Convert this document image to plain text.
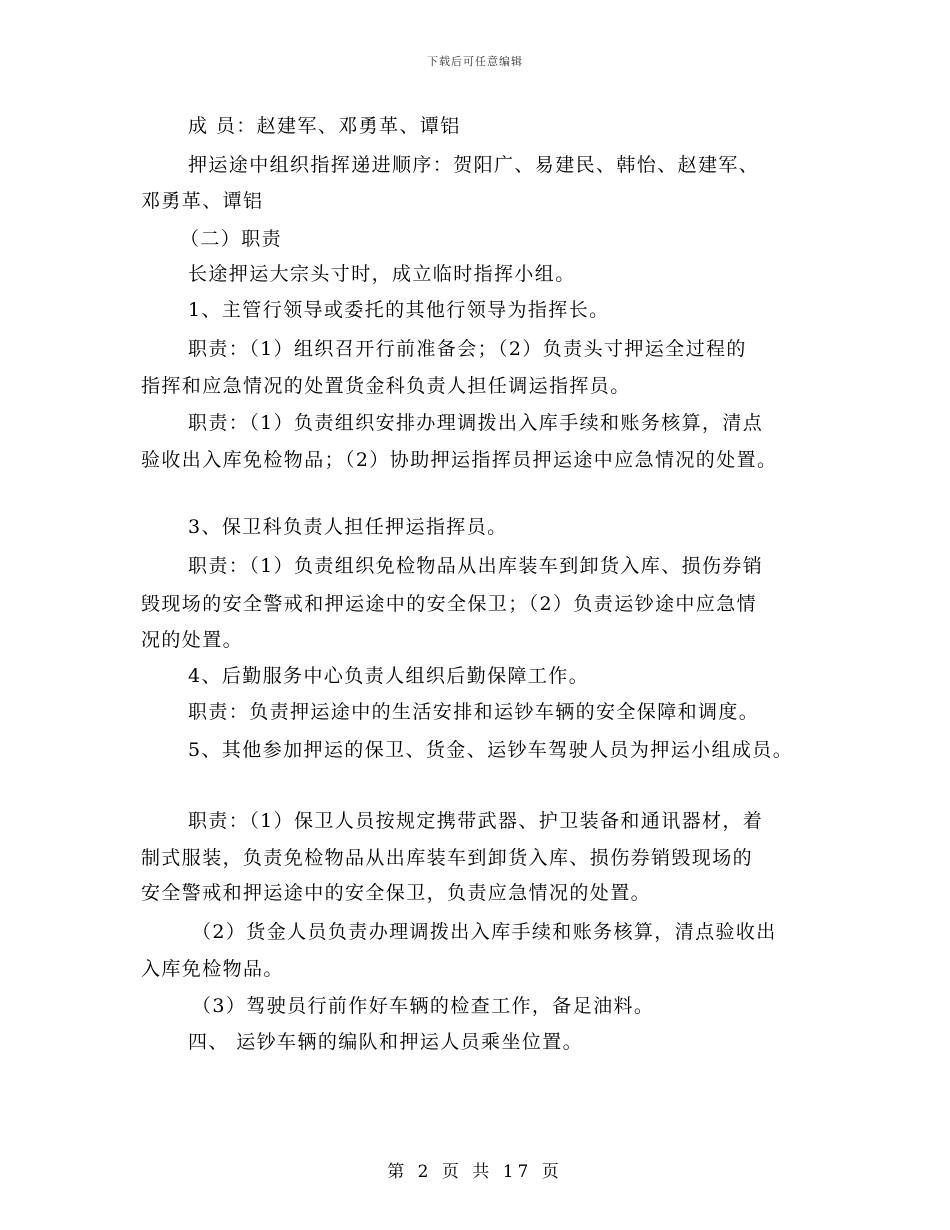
下载后可任意编辑
成 员：赵建军、邓勇革、谭铝
押运途中组织指挥递进顺序：贺阳广、易建民、韩怡、赵建军、
邓勇革、谭铝
（二）职责
长途押运大宗头寸时，成立临时指挥小组。
1、主管行领导或委托的其他行领导为指挥长。
职责：（1）组织召开行前准备会；（2）负责头寸押运全过程的
指挥和应急情况的处置货金科负责人担任调运指挥员。
职责：（1）负责组织安排办理调拨出入库手续和账务核算，清点
验收出入库免检物品；（2）协助押运指挥员押运途中应急情况的处置。
3、保卫科负责人担任押运指挥员。
职责：（1）负责组织免检物品从出库装车到卸货入库、损伤券销
毁现场的安全警戒和押运途中的安全保卫；（2）负责运钞途中应急情
况的处置。
4、后勤服务中心负责人组织后勤保障工作。
职责：负责押运途中的生活安排和运钞车辆的安全保障和调度。
5、其他参加押运的保卫、货金、运钞车驾驶人员为押运小组成员。
职责：（1）保卫人员按规定携带武器、护卫装备和通讯器材，着
制式服装，负责免检物品从出库装车到卸货入库、损伤券销毁现场的
安全警戒和押运途中的安全保卫，负责应急情况的处置。
（2）货金人员负责办理调拨出入库手续和账务核算，清点验收出
入库免检物品。
（3）驾驶员行前作好车辆的检查工作，备足油料。
四、 运钞车辆的编队和押运人员乘坐位置。
第 2 页 共 17 页
